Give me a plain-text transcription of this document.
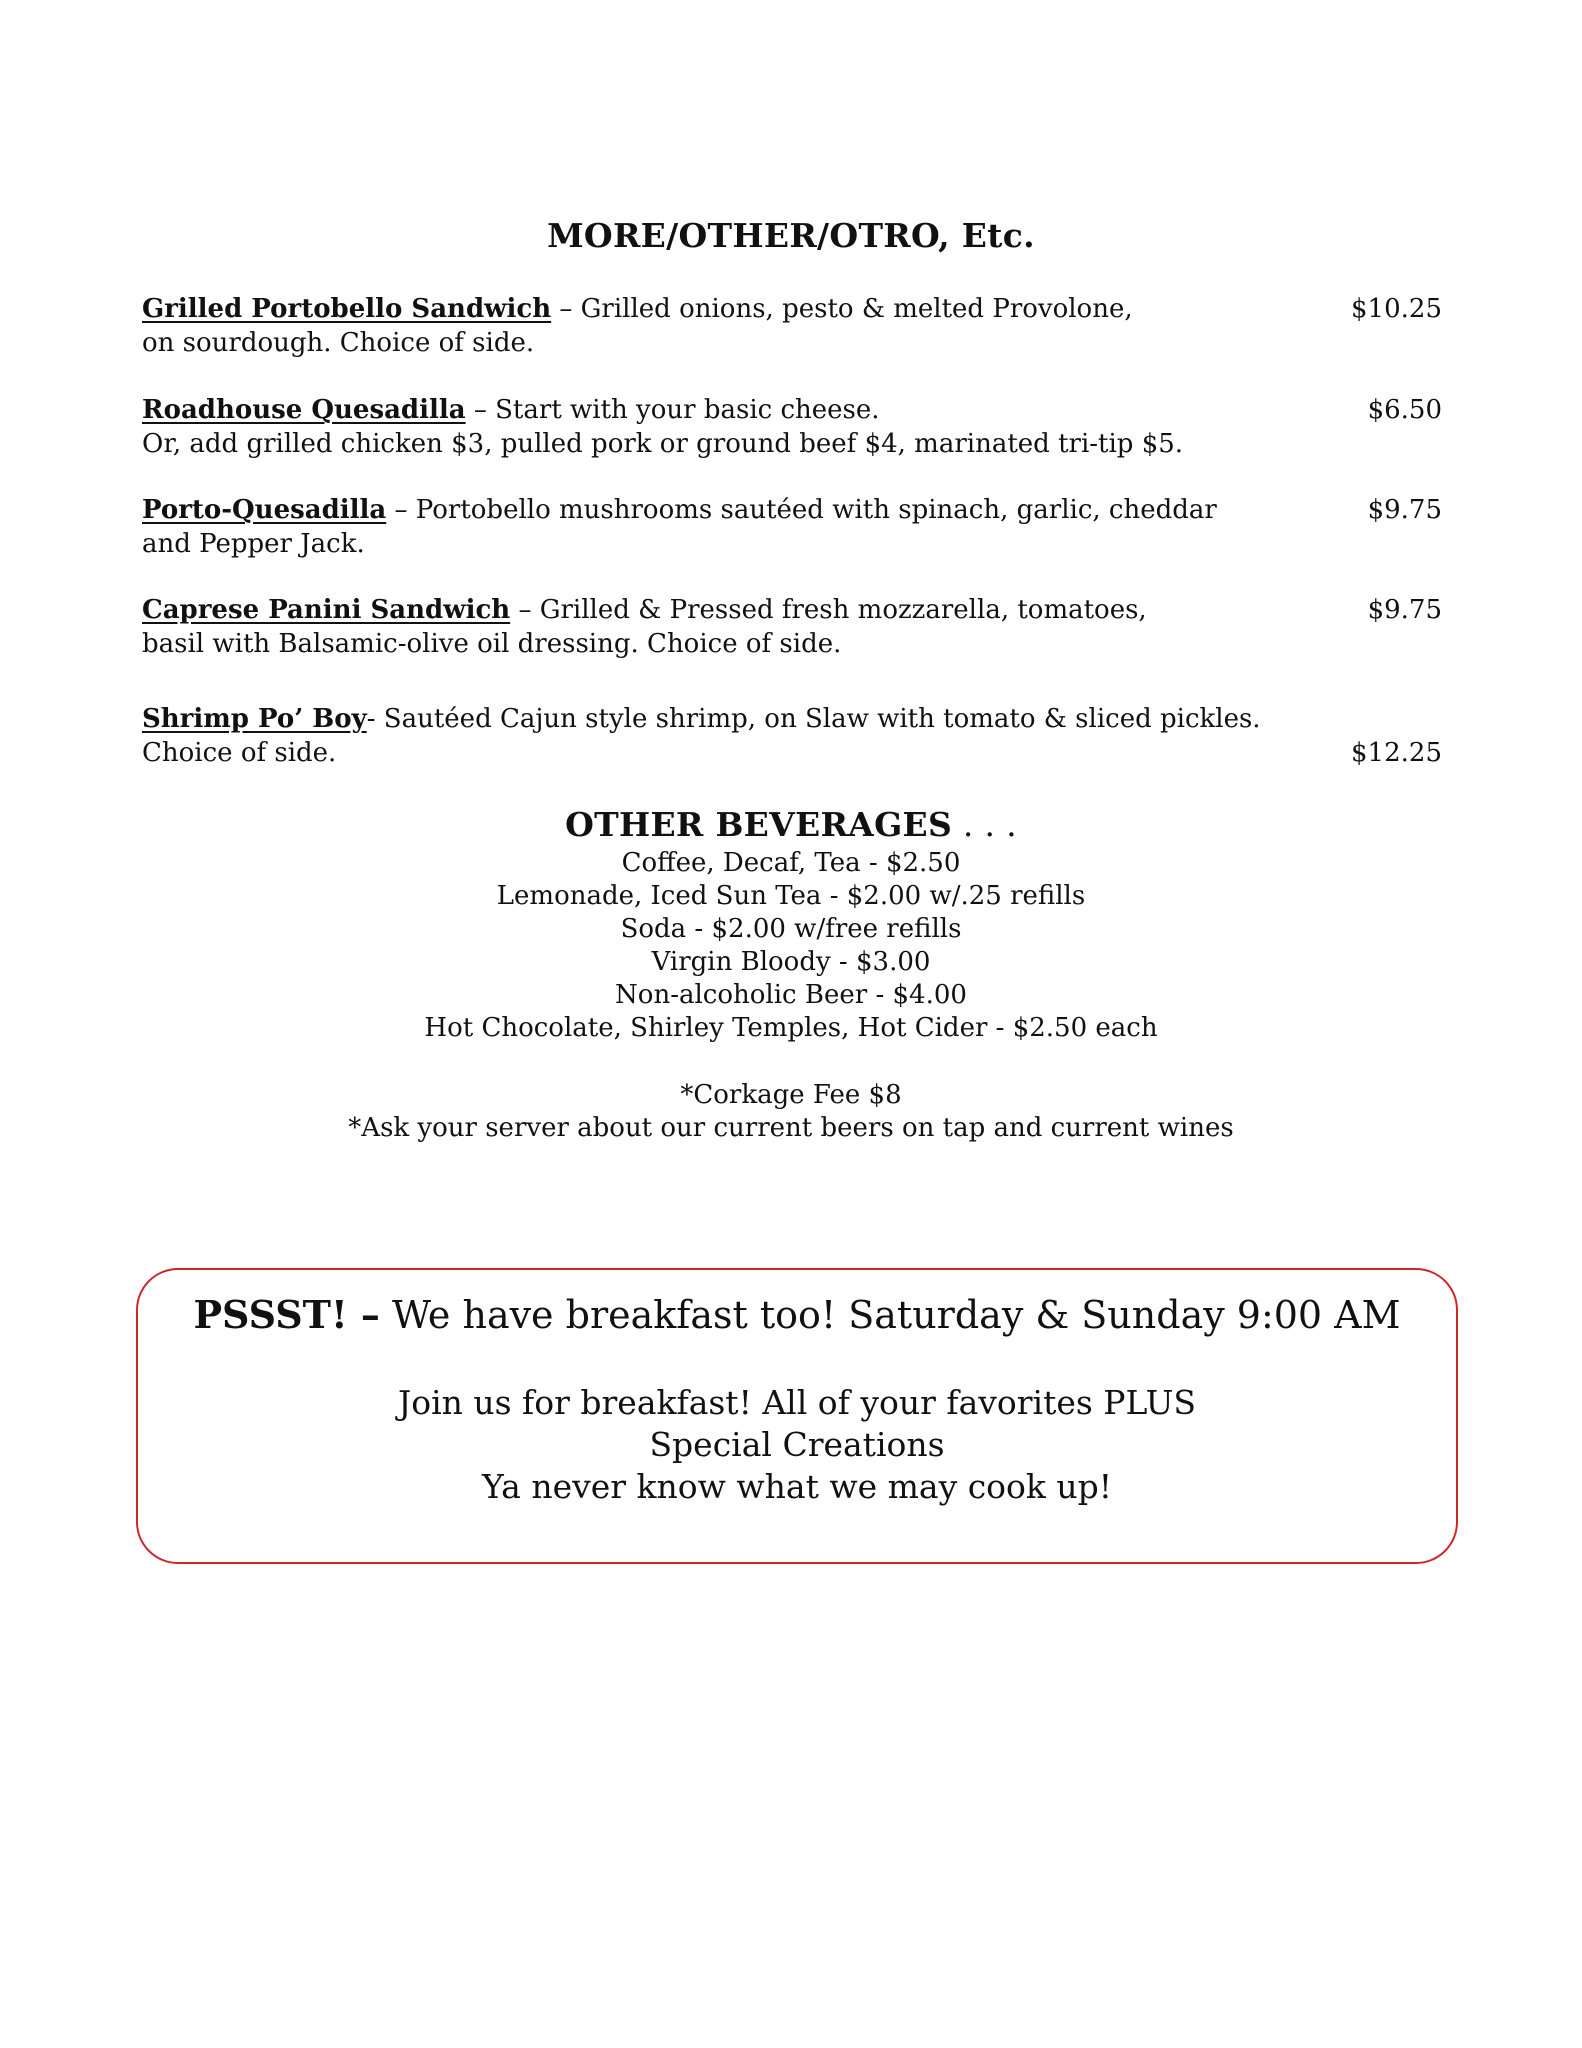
MORE/OTHER/OTRO, Etc.
Grilled Portobello Sandwich – Grilled onions, pesto & melted Provolone,	$10.25
on sourdough. Choice of side.
Roadhouse Quesadilla – Start with your basic cheese.	$6.50
Or, add grilled chicken $3, pulled pork or ground beef $4, marinated tri-tip $5.
Porto-Quesadilla – Portobello mushrooms sautéed with spinach, garlic, cheddar	$9.75
and Pepper Jack.
Caprese Panini Sandwich – Grilled & Pressed fresh mozzarella, tomatoes,	$9.75
basil with Balsamic-olive oil dressing. Choice of side.
Shrimp Po’ Boy- Sautéed Cajun style shrimp, on Slaw with tomato & sliced pickles.
Choice of side.	$12.25
OTHER BEVERAGES . . .
Coffee, Decaf, Tea - $2.50
Lemonade, Iced Sun Tea - $2.00 w/.25 refills
Soda - $2.00 w/free refills
Virgin Bloody - $3.00
Non-alcoholic Beer - $4.00
Hot Chocolate, Shirley Temples, Hot Cider - $2.50 each
*Corkage Fee $8
*Ask your server about our current beers on tap and current wines
PSSST! – We have breakfast too! Saturday & Sunday 9:00 AM
Join us for breakfast! All of your favorites PLUS
Special Creations
Ya never know what we may cook up!
